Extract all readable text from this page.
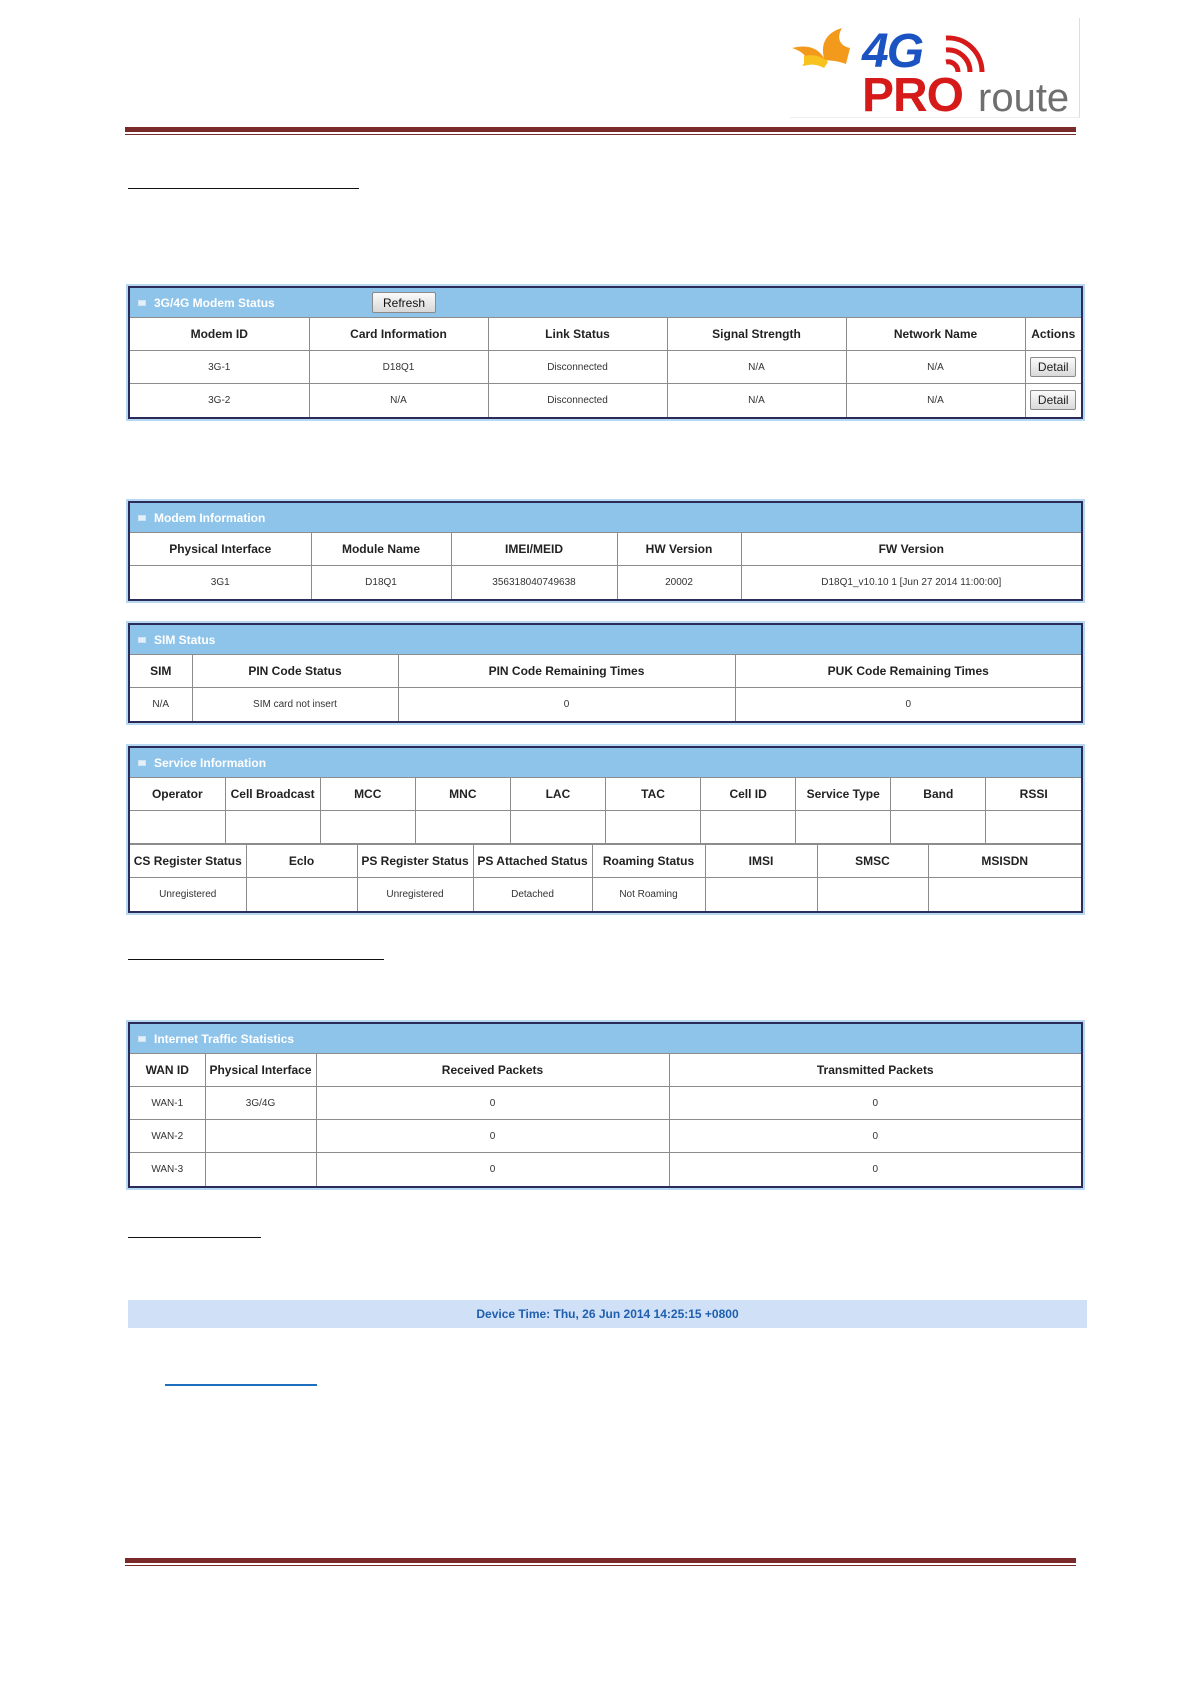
4G
PRO route
3G/4G Modem Status	Refresh
Modem ID	Card Information	Link Status	Signal Strength	Network Name	Actions
3G-1	D18Q1	Disconnected	N/A	N/A	Detail
3G-2	N/A	Disconnected	N/A	N/A	Detail
Modem Information
Physical Interface	Module Name	IMEI/MEID	HW Version	FW Version
3G1	D18Q1	356318040749638	20002	D18Q1_v10.10 1 [Jun 27 2014 11:00:00]
SIM Status
SIM	PIN Code Status	PIN Code Remaining Times	PUK Code Remaining Times
N/A	SIM card not insert	0	0
Service Information
Operator	Cell Broadcast	MCC	MNC	LAC	TAC	Cell ID	Service Type	Band	RSSI

CS Register Status	Eclo	PS Register Status	PS Attached Status	Roaming Status	IMSI	SMSC	MSISDN
Unregistered		Unregistered	Detached	Not Roaming			
Internet Traffic Statistics
WAN ID	Physical Interface	Received Packets	Transmitted Packets
WAN-1	3G/4G	0	0
WAN-2		0	0
WAN-3		0	0
Device Time: Thu, 26 Jun 2014 14:25:15 +0800
